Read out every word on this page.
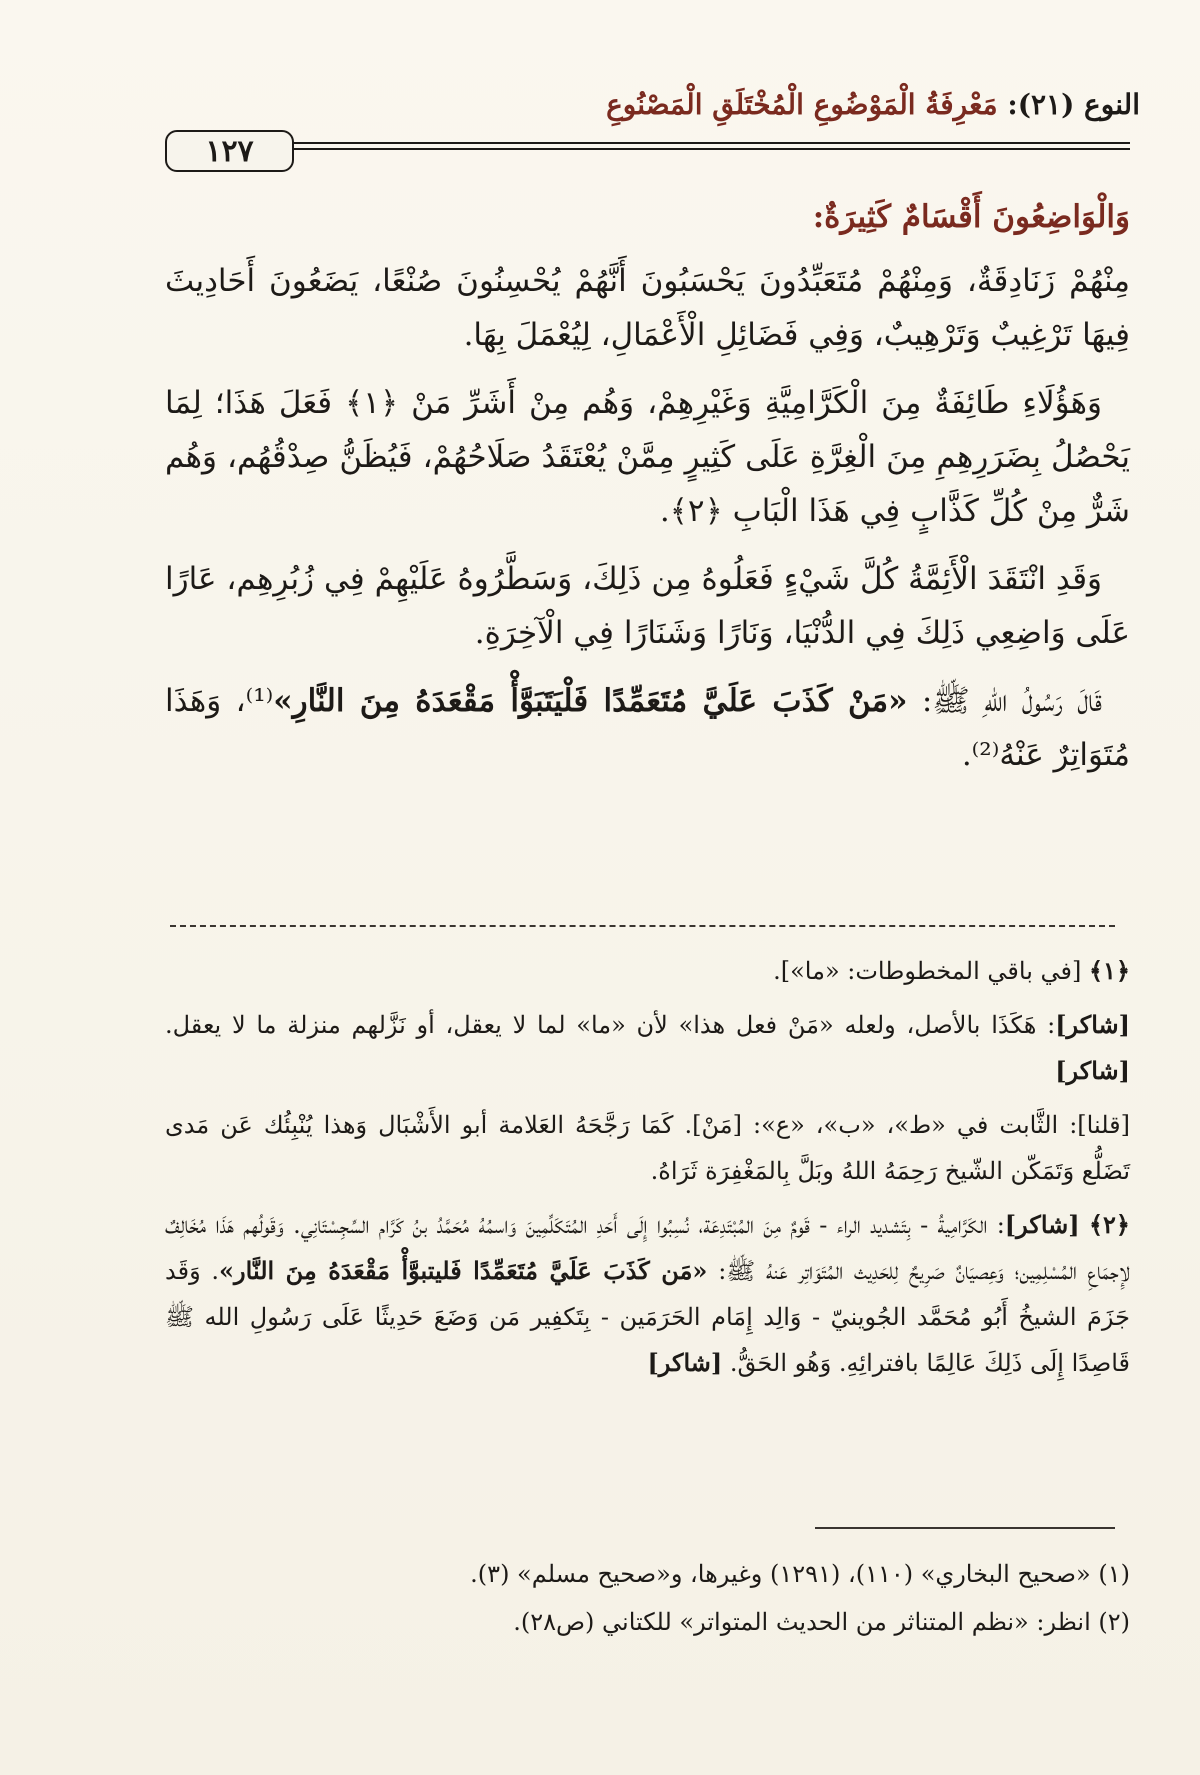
النوع (٢١): مَعْرِفَةُ الْمَوْضُوعِ الْمُخْتَلَقِ الْمَصْنُوعِ
١٢٧

وَالْوَاضِعُونَ أَقْسَامٌ كَثِيرَةٌ:

مِنْهُمْ زَنَادِقَةٌ، وَمِنْهُمْ مُتَعَبِّدُونَ يَحْسَبُونَ أَنَّهُمْ يُحْسِنُونَ صُنْعًا، يَضَعُونَ أَحَادِيثَ فِيهَا تَرْغِيبٌ وَتَرْهِيبٌ، وَفِي فَضَائِلِ الْأَعْمَالِ، لِيُعْمَلَ بِهَا.

وَهَؤُلَاءِ طَائِفَةٌ مِنَ الْكَرَّامِيَّةِ وَغَيْرِهِمْ، وَهُم مِنْ أَشَرِّ مَنْ ﴿١﴾ فَعَلَ هَذَا؛ لِمَا يَحْصُلُ بِضَرَرِهِمِ مِنَ الْغِرَّةِ عَلَى كَثِيرٍ مِمَّنْ يُعْتَقَدُ صَلَاحُهُمْ، فَيُظَنُّ صِدْقُهُم، وَهُم شَرٌّ مِنْ كُلِّ كَذَّابٍ فِي هَذَا الْبَابِ ﴿٢﴾.

وَقَدِ انْتَقَدَ الْأَئِمَّةُ كُلَّ شَيْءٍ فَعَلُوهُ مِن ذَلِكَ، وَسَطَّرُوهُ عَلَيْهِمْ فِي زُبُرِهِم، عَارًا عَلَى وَاضِعِي ذَلِكَ فِي الدُّنْيَا، وَنَارًا وَشَنَارًا فِي الْآخِرَةِ.

قَالَ رَسُولُ اللهِ ﷺ: «مَنْ كَذَبَ عَلَيَّ مُتَعَمِّدًا فَلْيَتَبَوَّأْ مَقْعَدَهُ مِنَ النَّارِ»⁽¹⁾، وَهَذَا مُتَوَاتِرٌ عَنْهُ⁽²⁾.

﴿١﴾ [في باقي المخطوطات: «ما»].

[شاكر]: هَكَذَا بالأصل، ولعله «مَنْ فعل هذا» لأن «ما» لما لا يعقل، أو نَزَّلهم منزلة ما لا يعقل. [شاكر]

[قلنا]: الثَّابت في «ط»، «ب»، «ع»: [مَنْ]. كَمَا رَجَّحَهُ العَلامة أبو الأَشْبَال وَهذا يُنْبِئُك عَن مَدى تَضَلُّع وَتَمَكّن الشّيخ رَحِمَهُ اللهُ وبَلَّ بِالمَغْفِرَة ثَرَاهُ.

﴿٢﴾ [شاكر]: الكَرَّامِيةُ - بِتَشديد الراء - قَومٌ مِنَ المُبْتَدِعَة، نُسِبُوا إِلَى أَحَدِ المُتَكَلِّمِينَ وَاسمُهُ مُحَمَّدُ بنُ كَرَّام السِّجِسْتَانِي. وَقَولُهم هَذَا مُخَالِفٌ لإِجمَاعِ المُسْلِمِين؛ وَعِصيَانٌ صَرِيحٌ لِلحَدِيث المُتَوَاتِر عَنهُ ﷺ: «مَن كَذَبَ عَلَيَّ مُتَعَمِّدًا فَليتبوَّأْ مَقْعَدَهُ مِنَ النَّار». وَقَد جَزَمَ الشيخُ أَبُو مُحَمَّد الجُوينيّ - وَالِد إِمَام الحَرَمَين - بِتَكفِير مَن وَضَعَ حَدِيثًا عَلَى رَسُولِ الله ﷺ قَاصِدًا إِلَى ذَلِكَ عَالِمًا بافترائِهِ. وَهُو الحَقُّ. [شاكر]

(١) «صحيح البخاري» (١١٠)، (١٢٩١) وغيرها، و«صحيح مسلم» (٣).

(٢) انظر: «نظم المتناثر من الحديث المتواتر» للكتاني (ص٢٨).
